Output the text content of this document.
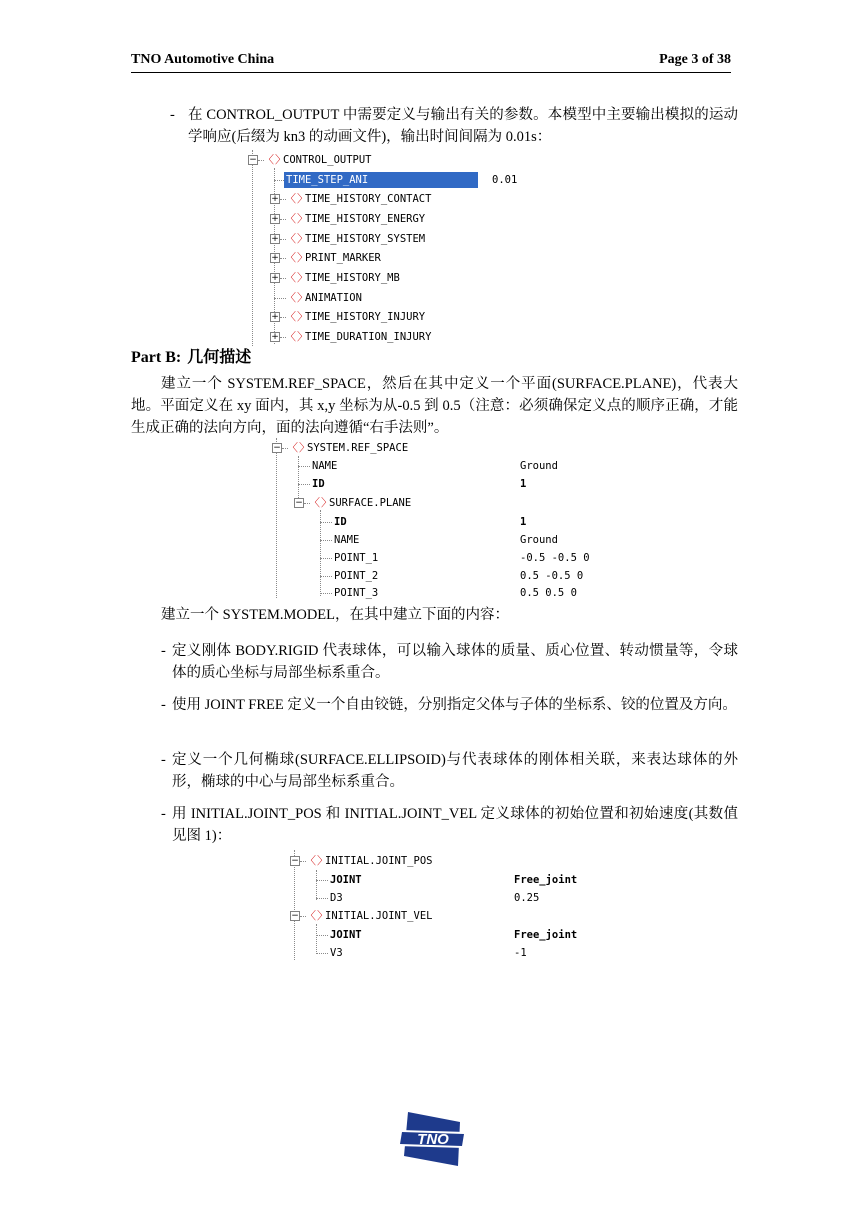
TNO Automotive China	Page 3 of 38
- 在 CONTROL_OUTPUT 中需要定义与输出有关的参数。本模型中主要输出模拟的运动学响应(后缀为 kn3 的动画文件)，输出时间间隔为 0.01s：
− 〈〉
CONTROL_OUTPUT
TIME_STEP_ANI	0.01
+ 〈〉
TIME_HISTORY_CONTACT
+ 〈〉
TIME_HISTORY_ENERGY
+ 〈〉
TIME_HISTORY_SYSTEM
+ 〈〉
PRINT_MARKER
+ 〈〉
TIME_HISTORY_MB
〈〉
ANIMATION
+ 〈〉
TIME_HISTORY_INJURY
+ 〈〉
TIME_DURATION_INJURY
Part B: 几何描述
建立一个 SYSTEM.REF_SPACE，然后在其中定义一个平面(SURFACE.PLANE)，代表大地。平面定义在 xy 面内，其 x,y 坐标为从-0.5 到 0.5（注意：必须确保定义点的顺序正确，才能生成正确的法向方向，面的法向遵循“右手法则”。
− 〈〉
SYSTEM.REF_SPACE
NAME	Ground
ID	1
− 〈〉
SURFACE.PLANE
ID	1
NAME	Ground
POINT_1	-0.5 -0.5 0
POINT_2	0.5 -0.5 0
POINT_3	0.5 0.5 0
建立一个 SYSTEM.MODEL，在其中建立下面的内容：
- 定义刚体 BODY.RIGID 代表球体，可以输入球体的质量、质心位置、转动惯量等，令球体的质心坐标与局部坐标系重合。
- 使用 JOINT FREE 定义一个自由铰链，分别指定父体与子体的坐标系、铰的位置及方向。
- 定义一个几何椭球(SURFACE.ELLIPSOID)与代表球体的刚体相关联，来表达球体的外形，椭球的中心与局部坐标系重合。
- 用 INITIAL.JOINT_POS 和 INITIAL.JOINT_VEL 定义球体的初始位置和初始速度(其数值见图 1)：
− 〈〉
INITIAL.JOINT_POS
JOINT	Free_joint
D3	0.25
− 〈〉
INITIAL.JOINT_VEL
JOINT	Free_joint
V3	-1
TNO
